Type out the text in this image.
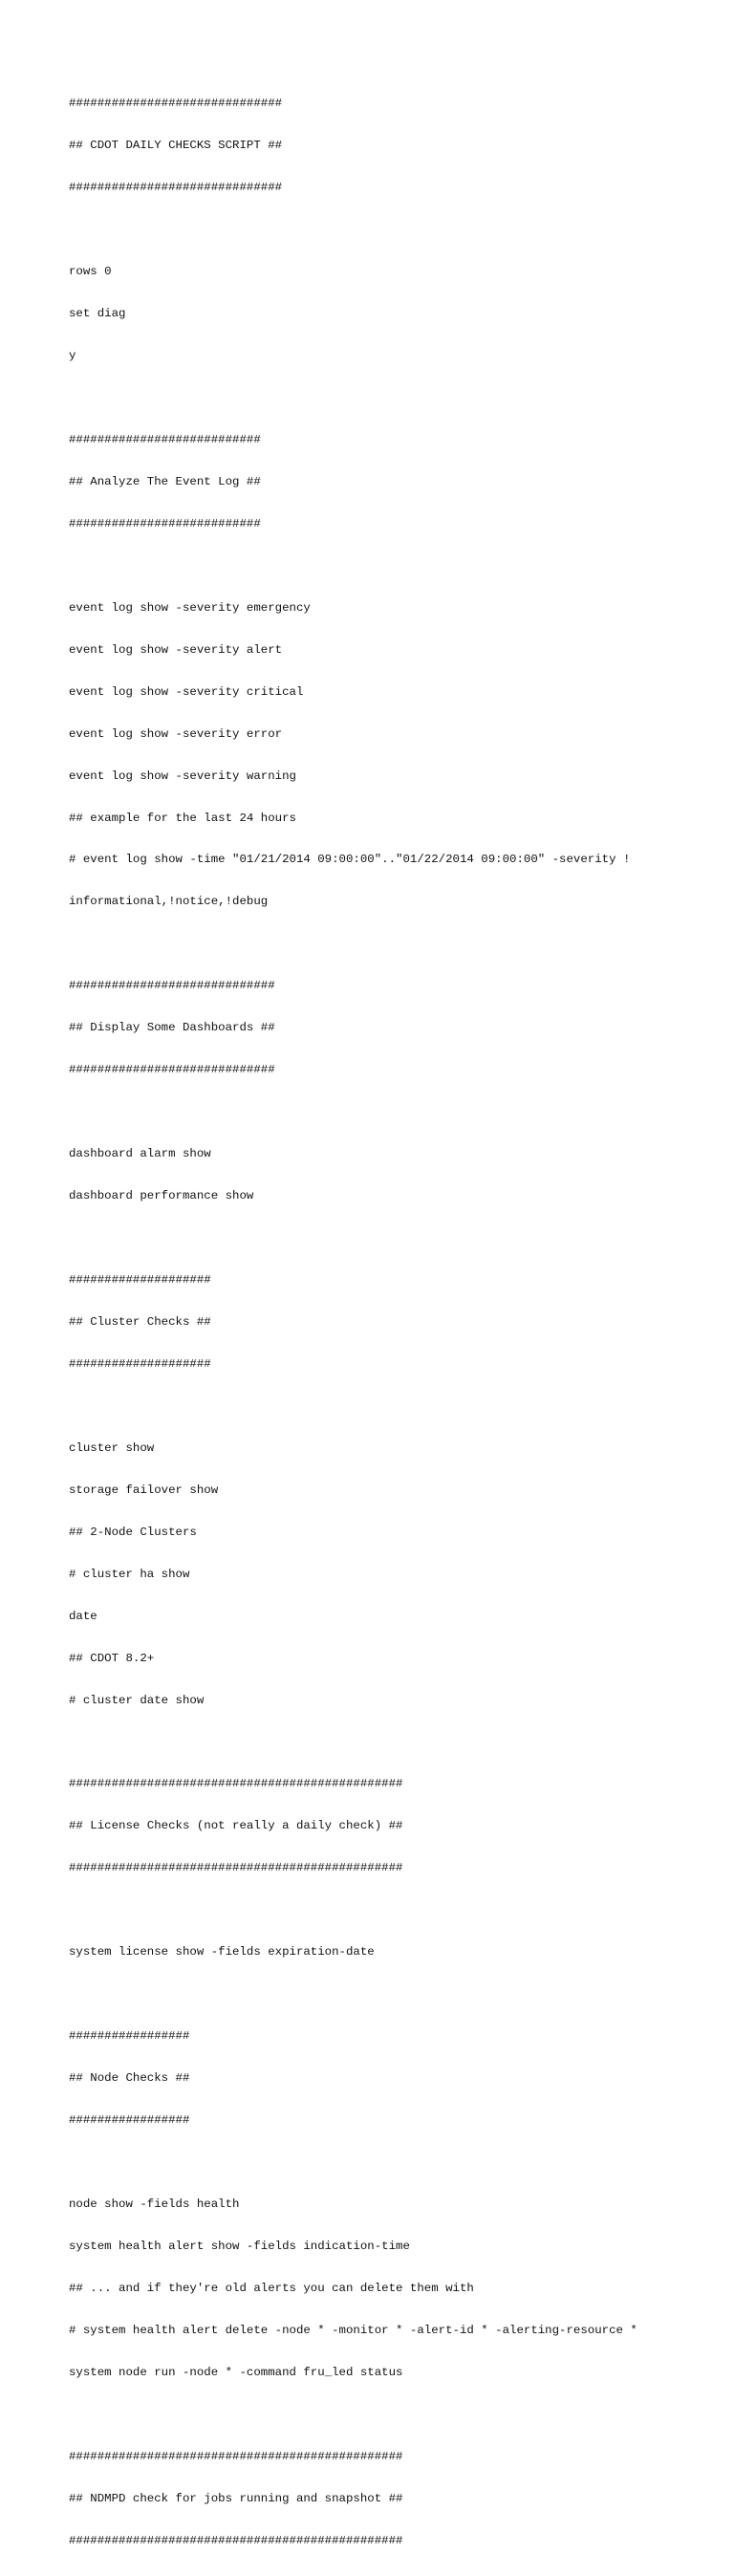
##############################

## CDOT DAILY CHECKS SCRIPT ##

##############################

rows 0

set diag

y

###########################

## Analyze The Event Log ##

###########################

event log show -severity emergency

event log show -severity alert

event log show -severity critical

event log show -severity error

event log show -severity warning

## example for the last 24 hours

# event log show -time "01/21/2014 09:00:00".."01/22/2014 09:00:00" -severity !

informational,!notice,!debug

#############################

## Display Some Dashboards ##

#############################

dashboard alarm show

dashboard performance show

####################

## Cluster Checks ##

####################

cluster show

storage failover show

## 2-Node Clusters

# cluster ha show

date

## CDOT 8.2+

# cluster date show

###############################################

## License Checks (not really a daily check) ##

###############################################

system license show -fields expiration-date

#################

## Node Checks ##

#################

node show -fields health

system health alert show -fields indication-time

## ... and if they're old alerts you can delete them with

# system health alert delete -node * -monitor * -alert-id * -alerting-resource *

system node run -node * -command fru_led status

###############################################

## NDMPD check for jobs running and snapshot ##

###############################################
